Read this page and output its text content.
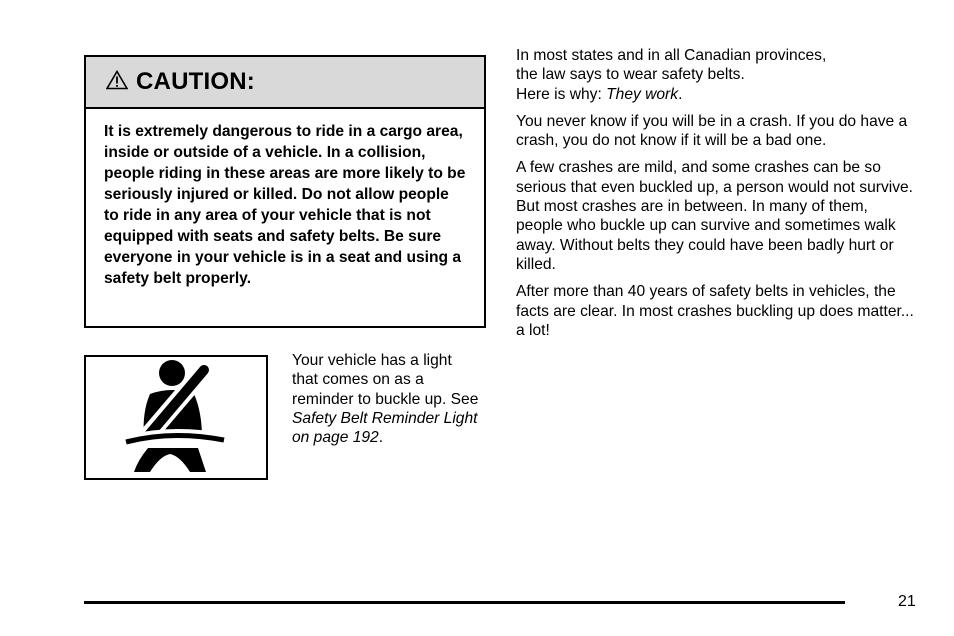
CAUTION:
It is extremely dangerous to ride in a cargo area, inside or outside of a vehicle. In a collision, people riding in these areas are more likely to be seriously injured or killed. Do not allow people to ride in any area of your vehicle that is not equipped with seats and safety belts. Be sure everyone in your vehicle is in a seat and using a safety belt properly.
Your vehicle has a light that comes on as a reminder to buckle up. See Safety Belt Reminder Light on page 192.

In most states and in all Canadian provinces,
the law says to wear safety belts.
Here is why: They work.

You never know if you will be in a crash. If you do have a crash, you do not know if it will be a bad one.

A few crashes are mild, and some crashes can be so serious that even buckled up, a person would not survive. But most crashes are in between. In many of them, people who buckle up can survive and sometimes walk away. Without belts they could have been badly hurt or killed.

After more than 40 years of safety belts in vehicles, the facts are clear. In most crashes buckling up does matter... a lot!

21
